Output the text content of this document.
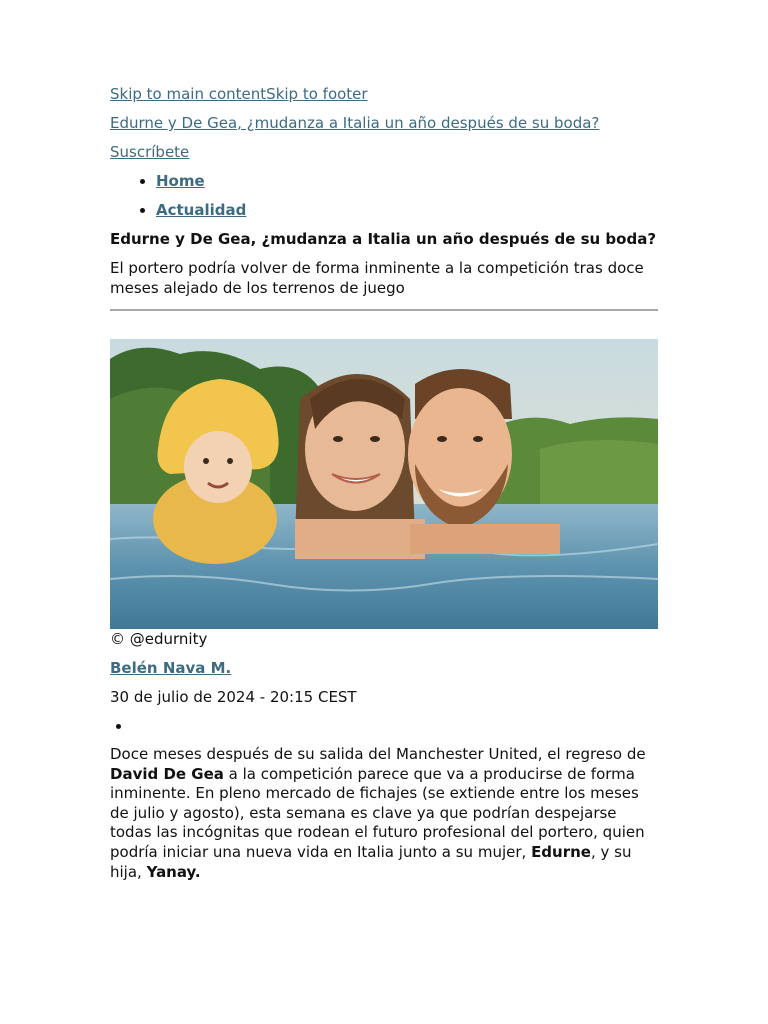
Skip to main contentSkip to footer
Edurne y De Gea, ¿mudanza a Italia un año después de su boda?
Suscríbete
• Home
• Actualidad
Edurne y De Gea, ¿mudanza a Italia un año después de su boda?

El portero podría volver de forma inminente a la competición tras doce meses alejado de los terrenos de juego

© @edurnity
Belén Nava M.
30 de julio de 2024 - 20:15 CEST
•

Doce meses después de su salida del Manchester United, el regreso de David De Gea a la competición parece que va a producirse de forma inminente. En pleno mercado de fichajes (se extiende entre los meses de julio y agosto), esta semana es clave ya que podrían despejarse todas las incógnitas que rodean el futuro profesional del portero, quien podría iniciar una nueva vida en Italia junto a su mujer, Edurne, y su hija, Yanay.
